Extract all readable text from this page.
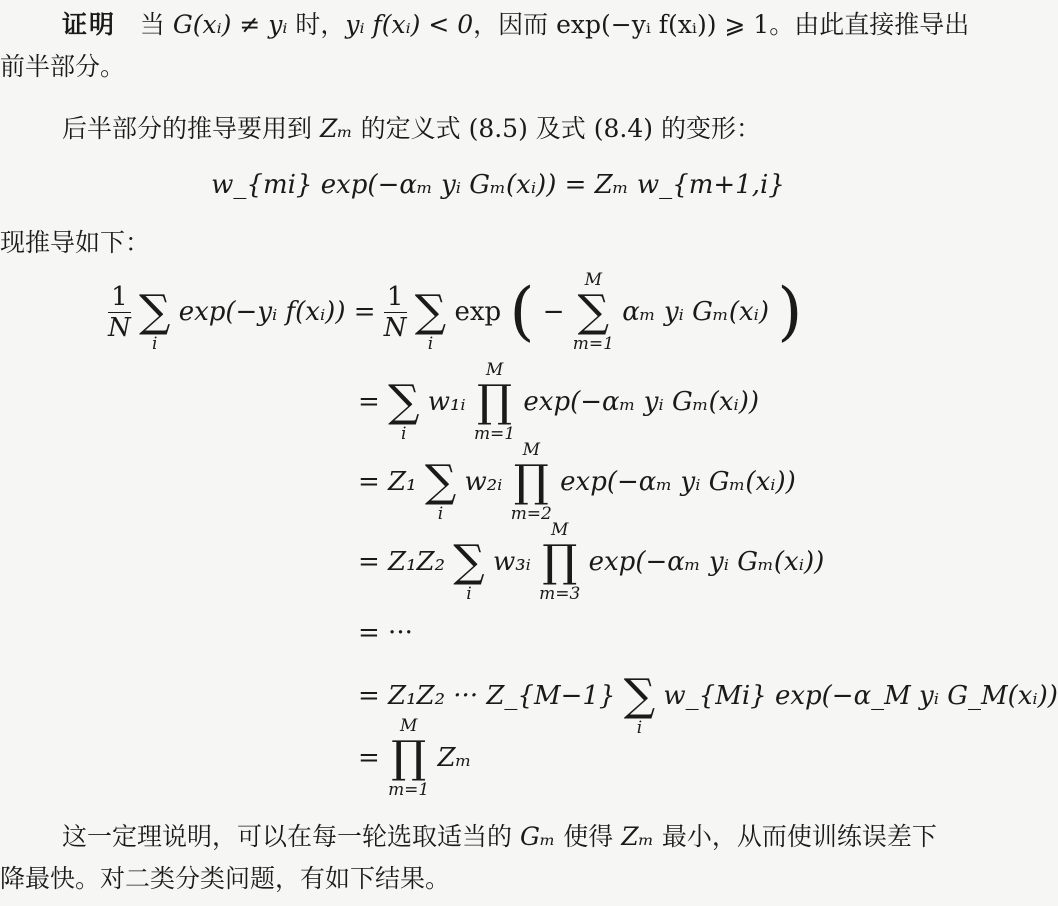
证明 当 G(xᵢ) ≠ yᵢ 时，yᵢ f(xᵢ) < 0，因而 exp(−yᵢ f(xᵢ)) ⩾ 1。由此直接推导出
前半部分。
后半部分的推导要用到 Zₘ 的定义式 (8.5) 及式 (8.4) 的变形：
w_{mi} exp(−αₘ yᵢ Gₘ(xᵢ)) = Zₘ w_{m+1,i}
现推导如下：
$\frac{1}{N}$

∑
i
exp(−yᵢ f(xᵢ)) = $\frac{1}{N}$

∑
i
exp ( −
M
∑
m=1
αₘ yᵢ Gₘ(xᵢ) )
=
∑
i
w₁ᵢ
M
∏
m=1
exp(−αₘ yᵢ Gₘ(xᵢ))
= Z₁
∑
i
w₂ᵢ
M
∏
m=2
exp(−αₘ yᵢ Gₘ(xᵢ))
= Z₁Z₂
∑
i
w₃ᵢ
M
∏
m=3
exp(−αₘ yᵢ Gₘ(xᵢ))
= ···
= Z₁Z₂ ··· Z_{M−1}
∑
i
w_{Mi} exp(−α_M yᵢ G_M(xᵢ))
=
M
∏
m=1
Zₘ
这一定理说明，可以在每一轮选取适当的 Gₘ 使得 Zₘ 最小，从而使训练误差下
降最快。对二类分类问题，有如下结果。
